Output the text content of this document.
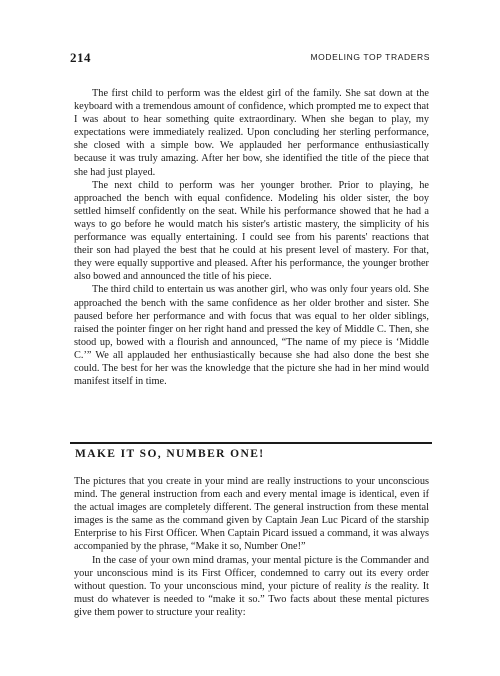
214	MODELING TOP TRADERS

The first child to perform was the eldest girl of the family. She sat down at the keyboard with a tremendous amount of confidence, which prompted me to expect that I was about to hear something quite extraordinary. When she began to play, my expectations were immediately realized. Upon concluding her sterling performance, she closed with a simple bow. We applauded her performance enthusiastically because it was truly amazing. After her bow, she identified the title of the piece that she had just played.

The next child to perform was her younger brother. Prior to playing, he approached the bench with equal confidence. Modeling his older sister, the boy settled himself confidently on the seat. While his performance showed that he had a ways to go before he would match his sister's artistic mastery, the simplicity of his performance was equally entertaining. I could see from his parents' reactions that their son had played the best that he could at his present level of mastery. For that, they were equally supportive and pleased. After his performance, the younger brother also bowed and announced the title of his piece.

The third child to entertain us was another girl, who was only four years old. She approached the bench with the same confidence as her older brother and sister. She paused before her performance and with focus that was equal to her older siblings, raised the pointer finger on her right hand and pressed the key of Middle C. Then, she stood up, bowed with a flourish and announced, “The name of my piece is ‘Middle C.’” We all applauded her enthusiastically because she had also done the best she could. The best for her was the knowledge that the picture she had in her mind would manifest itself in time.

MAKE IT SO, NUMBER ONE!

The pictures that you create in your mind are really instructions to your unconscious mind. The general instruction from each and every mental image is identical, even if the actual images are completely different. The general instruction from these mental images is the same as the command given by Captain Jean Luc Picard of the starship Enterprise to his First Officer. When Captain Picard issued a command, it was always accompanied by the phrase, “Make it so, Number One!”

In the case of your own mind dramas, your mental picture is the Commander and your unconscious mind is its First Officer, condemned to carry out its every order without question. To your unconscious mind, your picture of reality is the reality. It must do whatever is needed to “make it so.” Two facts about these mental pictures give them power to structure your reality:
